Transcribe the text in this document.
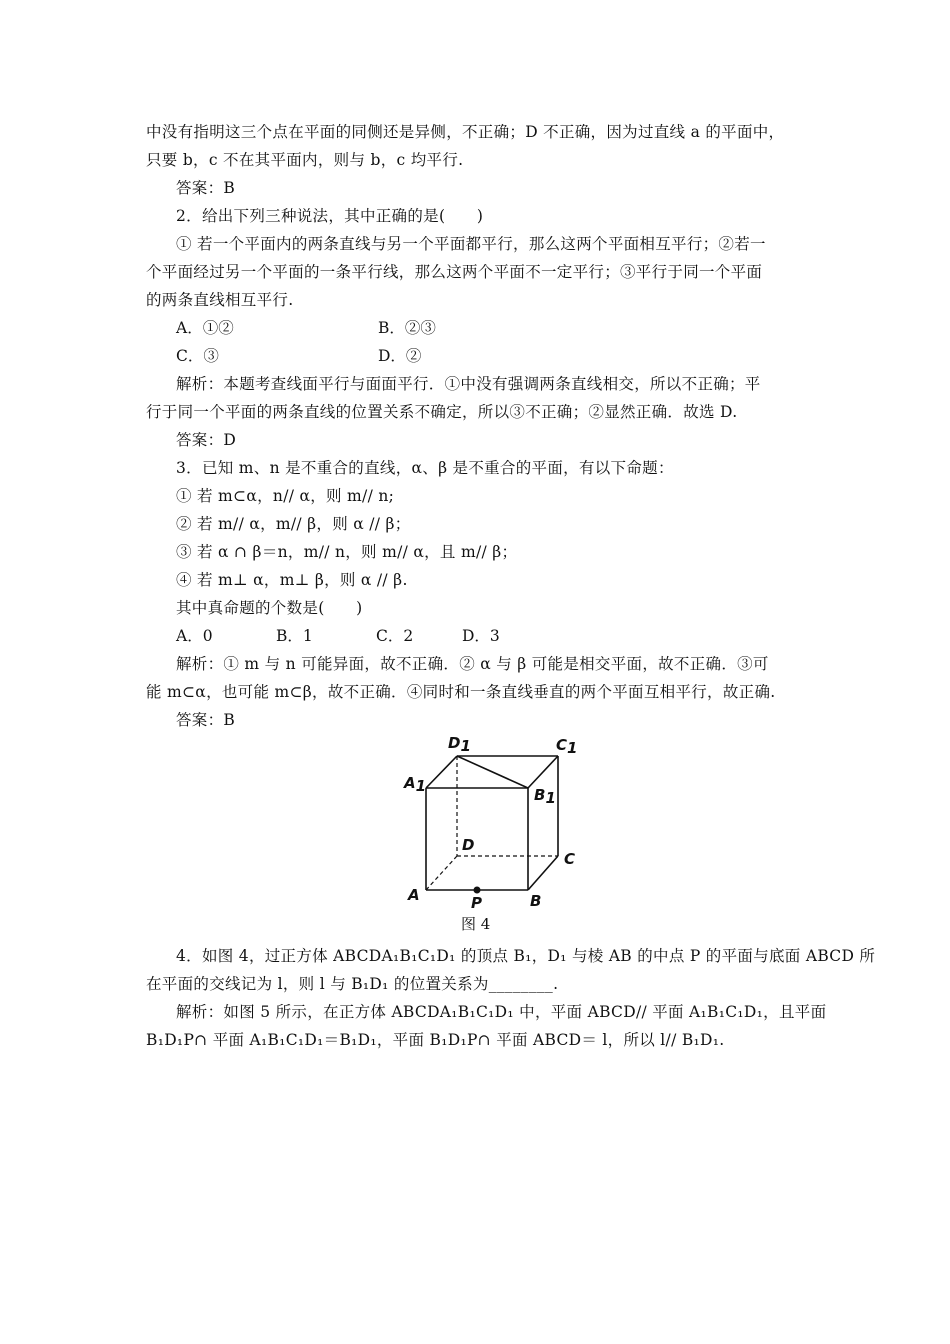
中没有指明这三个点在平面的同侧还是异侧，不正确；D 不正确，因为过直线 a 的平面中，
只要 b，c 不在其平面内，则与 b，c 均平行.
答案：B
2．给出下列三种说法，其中正确的是(　　)
① 若一个平面内的两条直线与另一个平面都平行，那么这两个平面相互平行；②若一
个平面经过另一个平面的一条平行线，那么这两个平面不一定平行；③平行于同一个平面
的两条直线相互平行.
A．①②	B．②③
C．③	D．②
解析：本题考查线面平行与面面平行．①中没有强调两条直线相交，所以不正确；平
行于同一个平面的两条直线的位置关系不确定，所以③不正确；②显然正确．故选 D.
答案：D
3．已知 m、n 是不重合的直线，α、β 是不重合的平面，有以下命题：
① 若 m⊂α，n// α，则 m// n;
② 若 m// α，m// β，则 α // β；
③ 若 α ∩ β＝n，m// n，则 m// α，且 m// β；
④ 若 m⊥ α，m⊥ β，则 α // β.
其中真命题的个数是(　　)
A．0	B．1	C．2	D．3
解析：① m 与 n 可能异面，故不正确．② α 与 β 可能是相交平面，故不正确．③可
能 m⊂α，也可能 m⊂β，故不正确．④同时和一条直线垂直的两个平面互相平行，故正确.
答案：B
D1	C1
A1	B1
D
C
A	B
P
图 4
4．如图 4，过正方体 ABCDA₁B₁C₁D₁ 的顶点 B₁，D₁ 与棱 AB 的中点 P 的平面与底面 ABCD 所
在平面的交线记为 l，则 l 与 B₁D₁ 的位置关系为________.
解析：如图 5 所示，在正方体 ABCDA₁B₁C₁D₁ 中，平面 ABCD// 平面 A₁B₁C₁D₁，且平面
B₁D₁P∩ 平面 A₁B₁C₁D₁＝B₁D₁，平面 B₁D₁P∩ 平面 ABCD＝ l，所以 l// B₁D₁.
